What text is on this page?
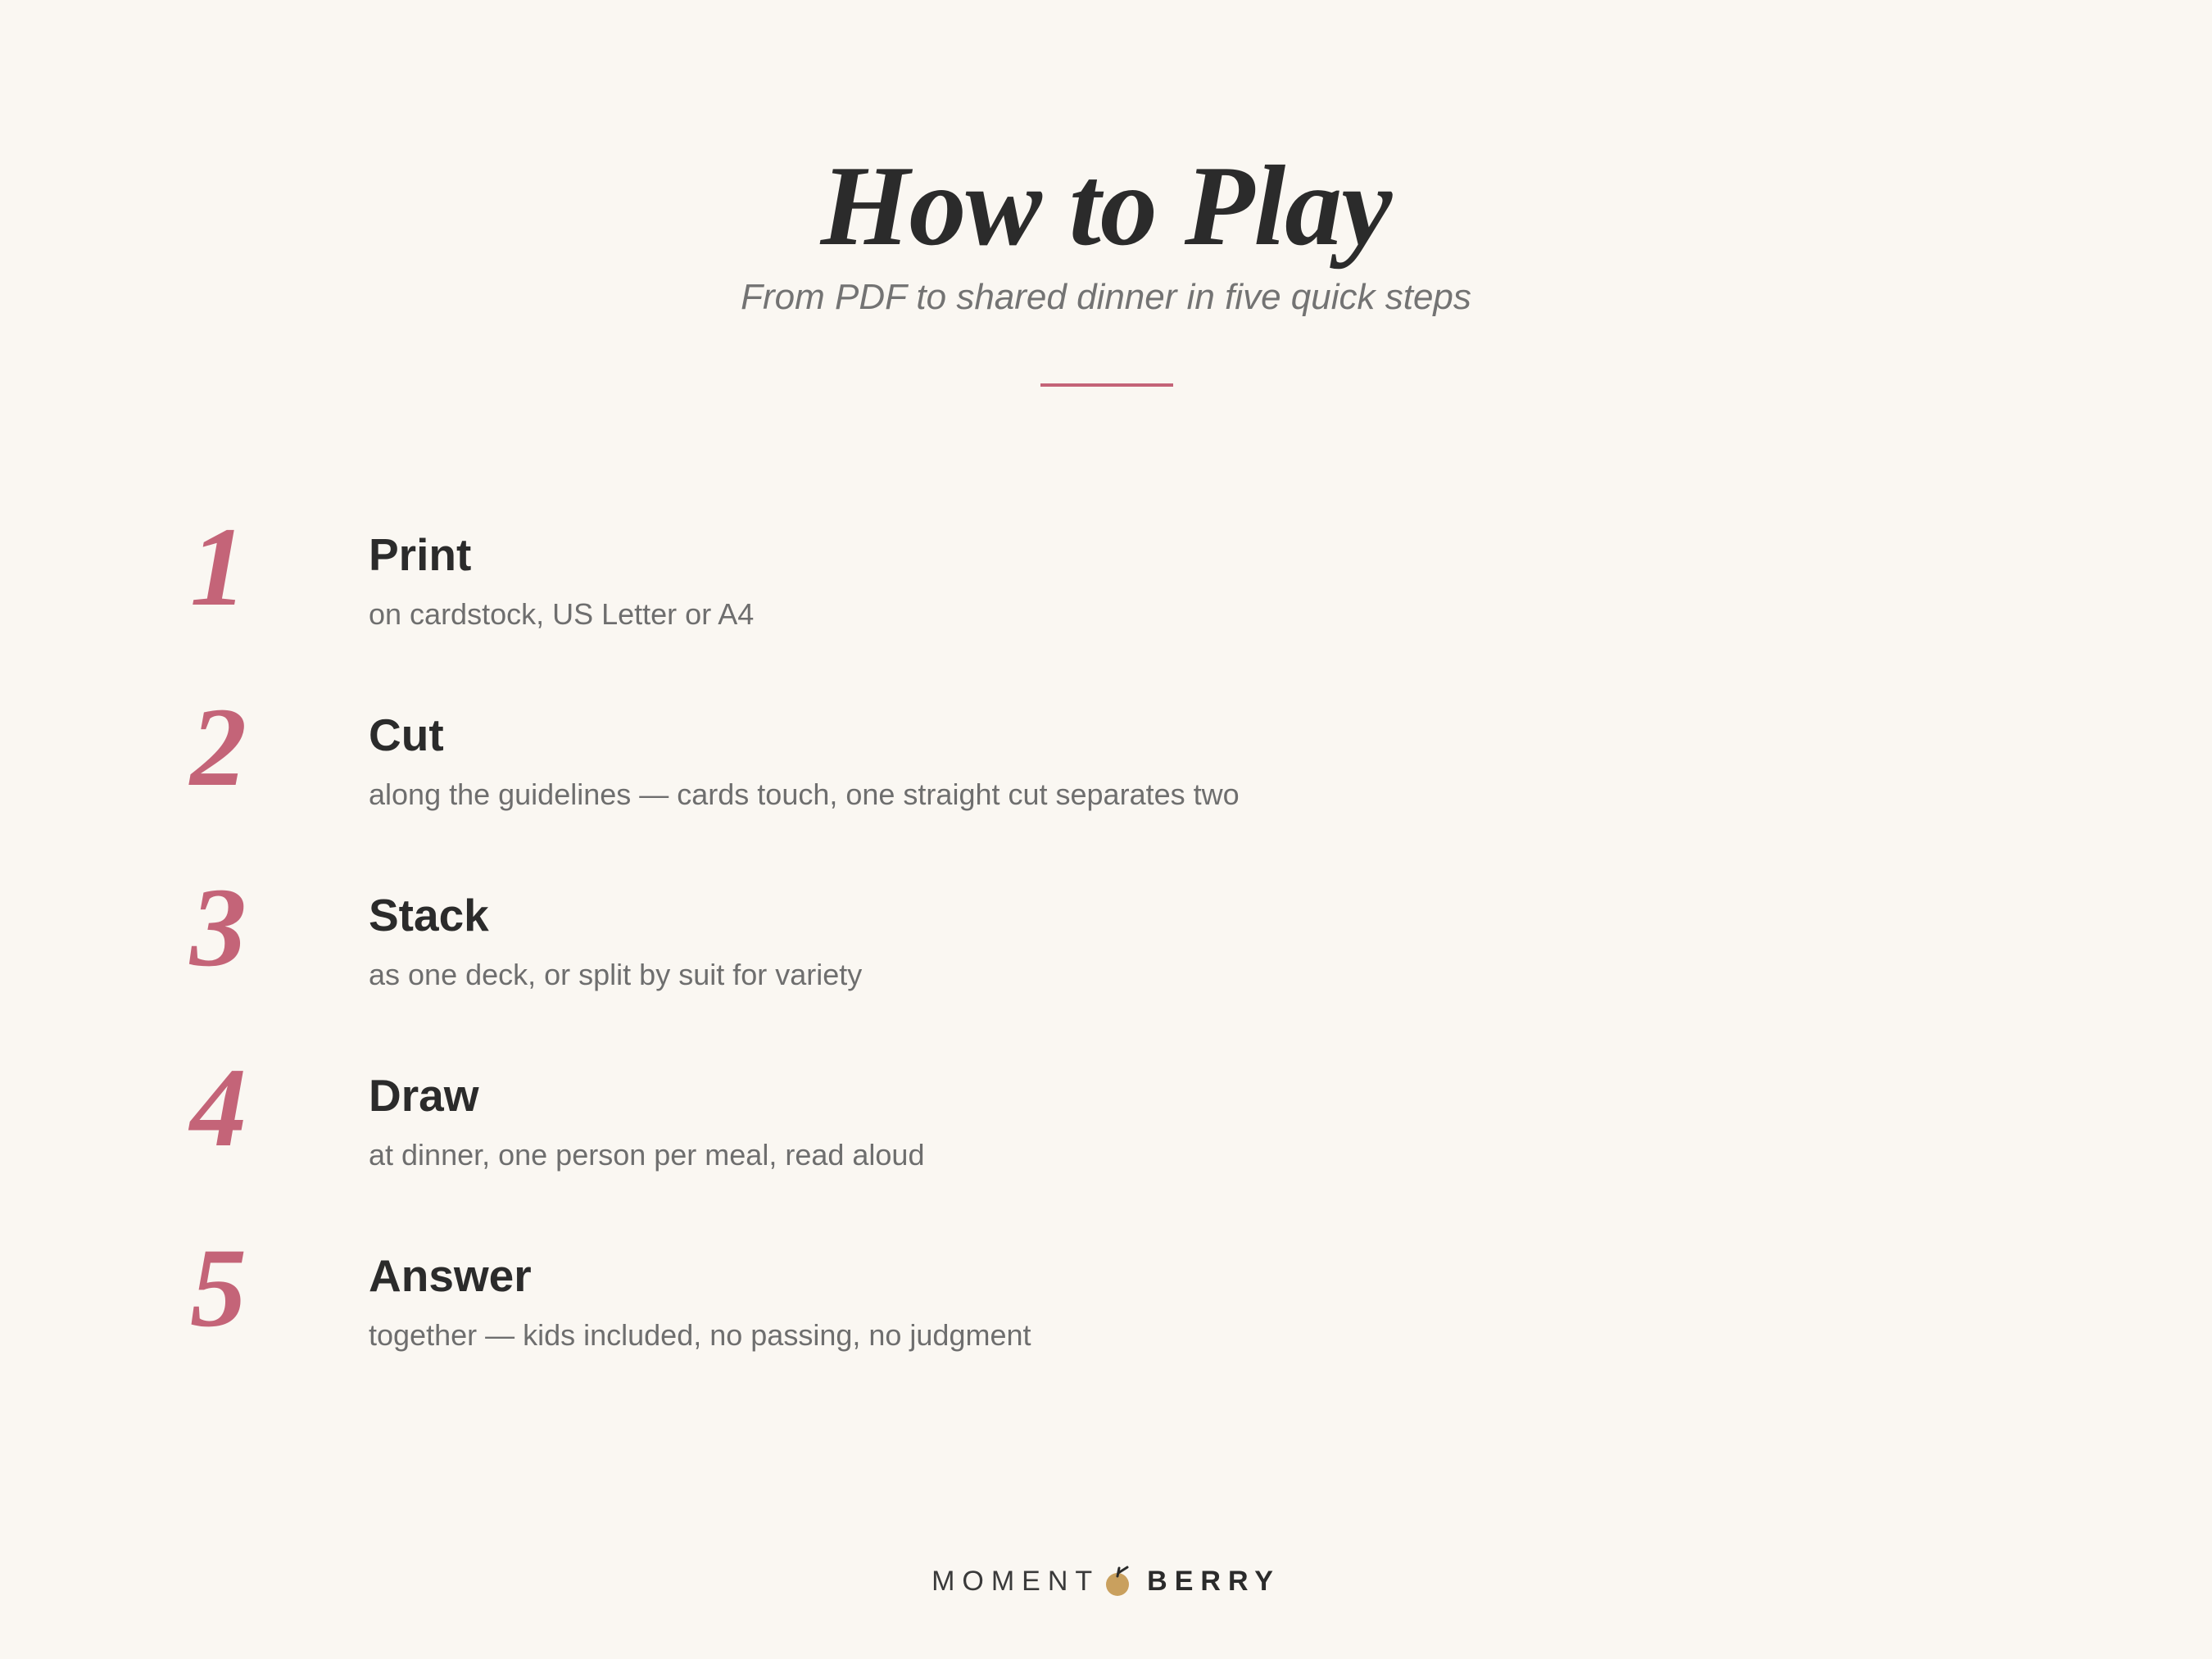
How to Play
From PDF to shared dinner in five quick steps
1	Print
on cardstock, US Letter or A4
2	Cut
along the guidelines — cards touch, one straight cut separates two
3	Stack
as one deck, or split by suit for variety
4	Draw
at dinner, one person per meal, read aloud
5	Answer
together — kids included, no passing, no judgment
MOMENT BERRY
